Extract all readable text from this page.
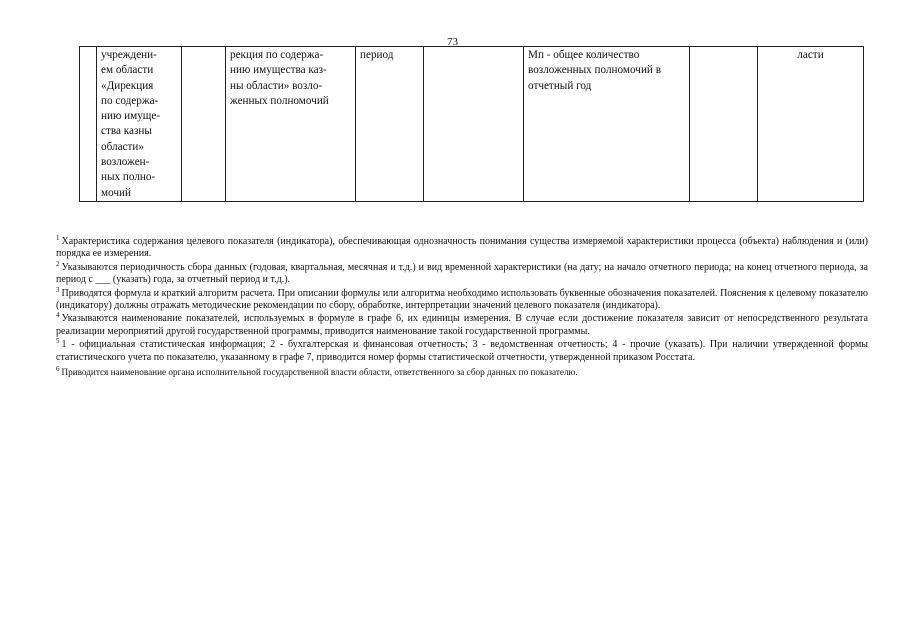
73
	учреждени-
ем области
«Дирекция
по содержа-
нию имуще-
ства казны
области»
возложен-
ных полно-
мочий		рекция по содержа-
нию имущества каз-
ны области» возло-
женных полномочий	период		Мп - общее количество
возложенных полномочий в
отчетный год		ласти

$^1$ Характеристика содержания целевого показателя (индикатора), обеспечивающая однозначность понимания существа измеряемой характеристики процесса (объекта) наблюдения и (или) порядка ее измерения.

$^2$ Указываются периодичность сбора данных (годовая, квартальная, месячная и т.д.) и вид временной характеристики (на дату; на начало отчетного периода; на конец отчетного периода, за период с ___ (указать) года, за отчетный период и т.д.).

$^3$ Приводятся формула и краткий алгоритм расчета. При описании формулы или алгоритма необходимо использовать буквенные обозначения показателей. Пояснения к целевому показателю (индикатору) должны отражать методические рекомендации по сбору, обработке, интерпретации значений целевого показателя (индикатора).

$^4$ Указываются наименование показателей, используемых в формуле в графе 6, их единицы измерения. В случае если достижение показателя зависит от непосредственного результата реализации мероприятий другой государственной программы, приводится наименование такой государственной программы.

$^5$ 1 - официальная статистическая информация; 2 - бухгалтерская и финансовая отчетность; 3 - ведомственная отчетность; 4 - прочие (указать). При наличии утвержденной формы статистического учета по показателю, указанному в графе 7, приводится номер формы статистической отчетности, утвержденной приказом Росстата.

$^6$ Приводится наименование органа исполнительной государственной власти области, ответственного за сбор данных по показателю.
